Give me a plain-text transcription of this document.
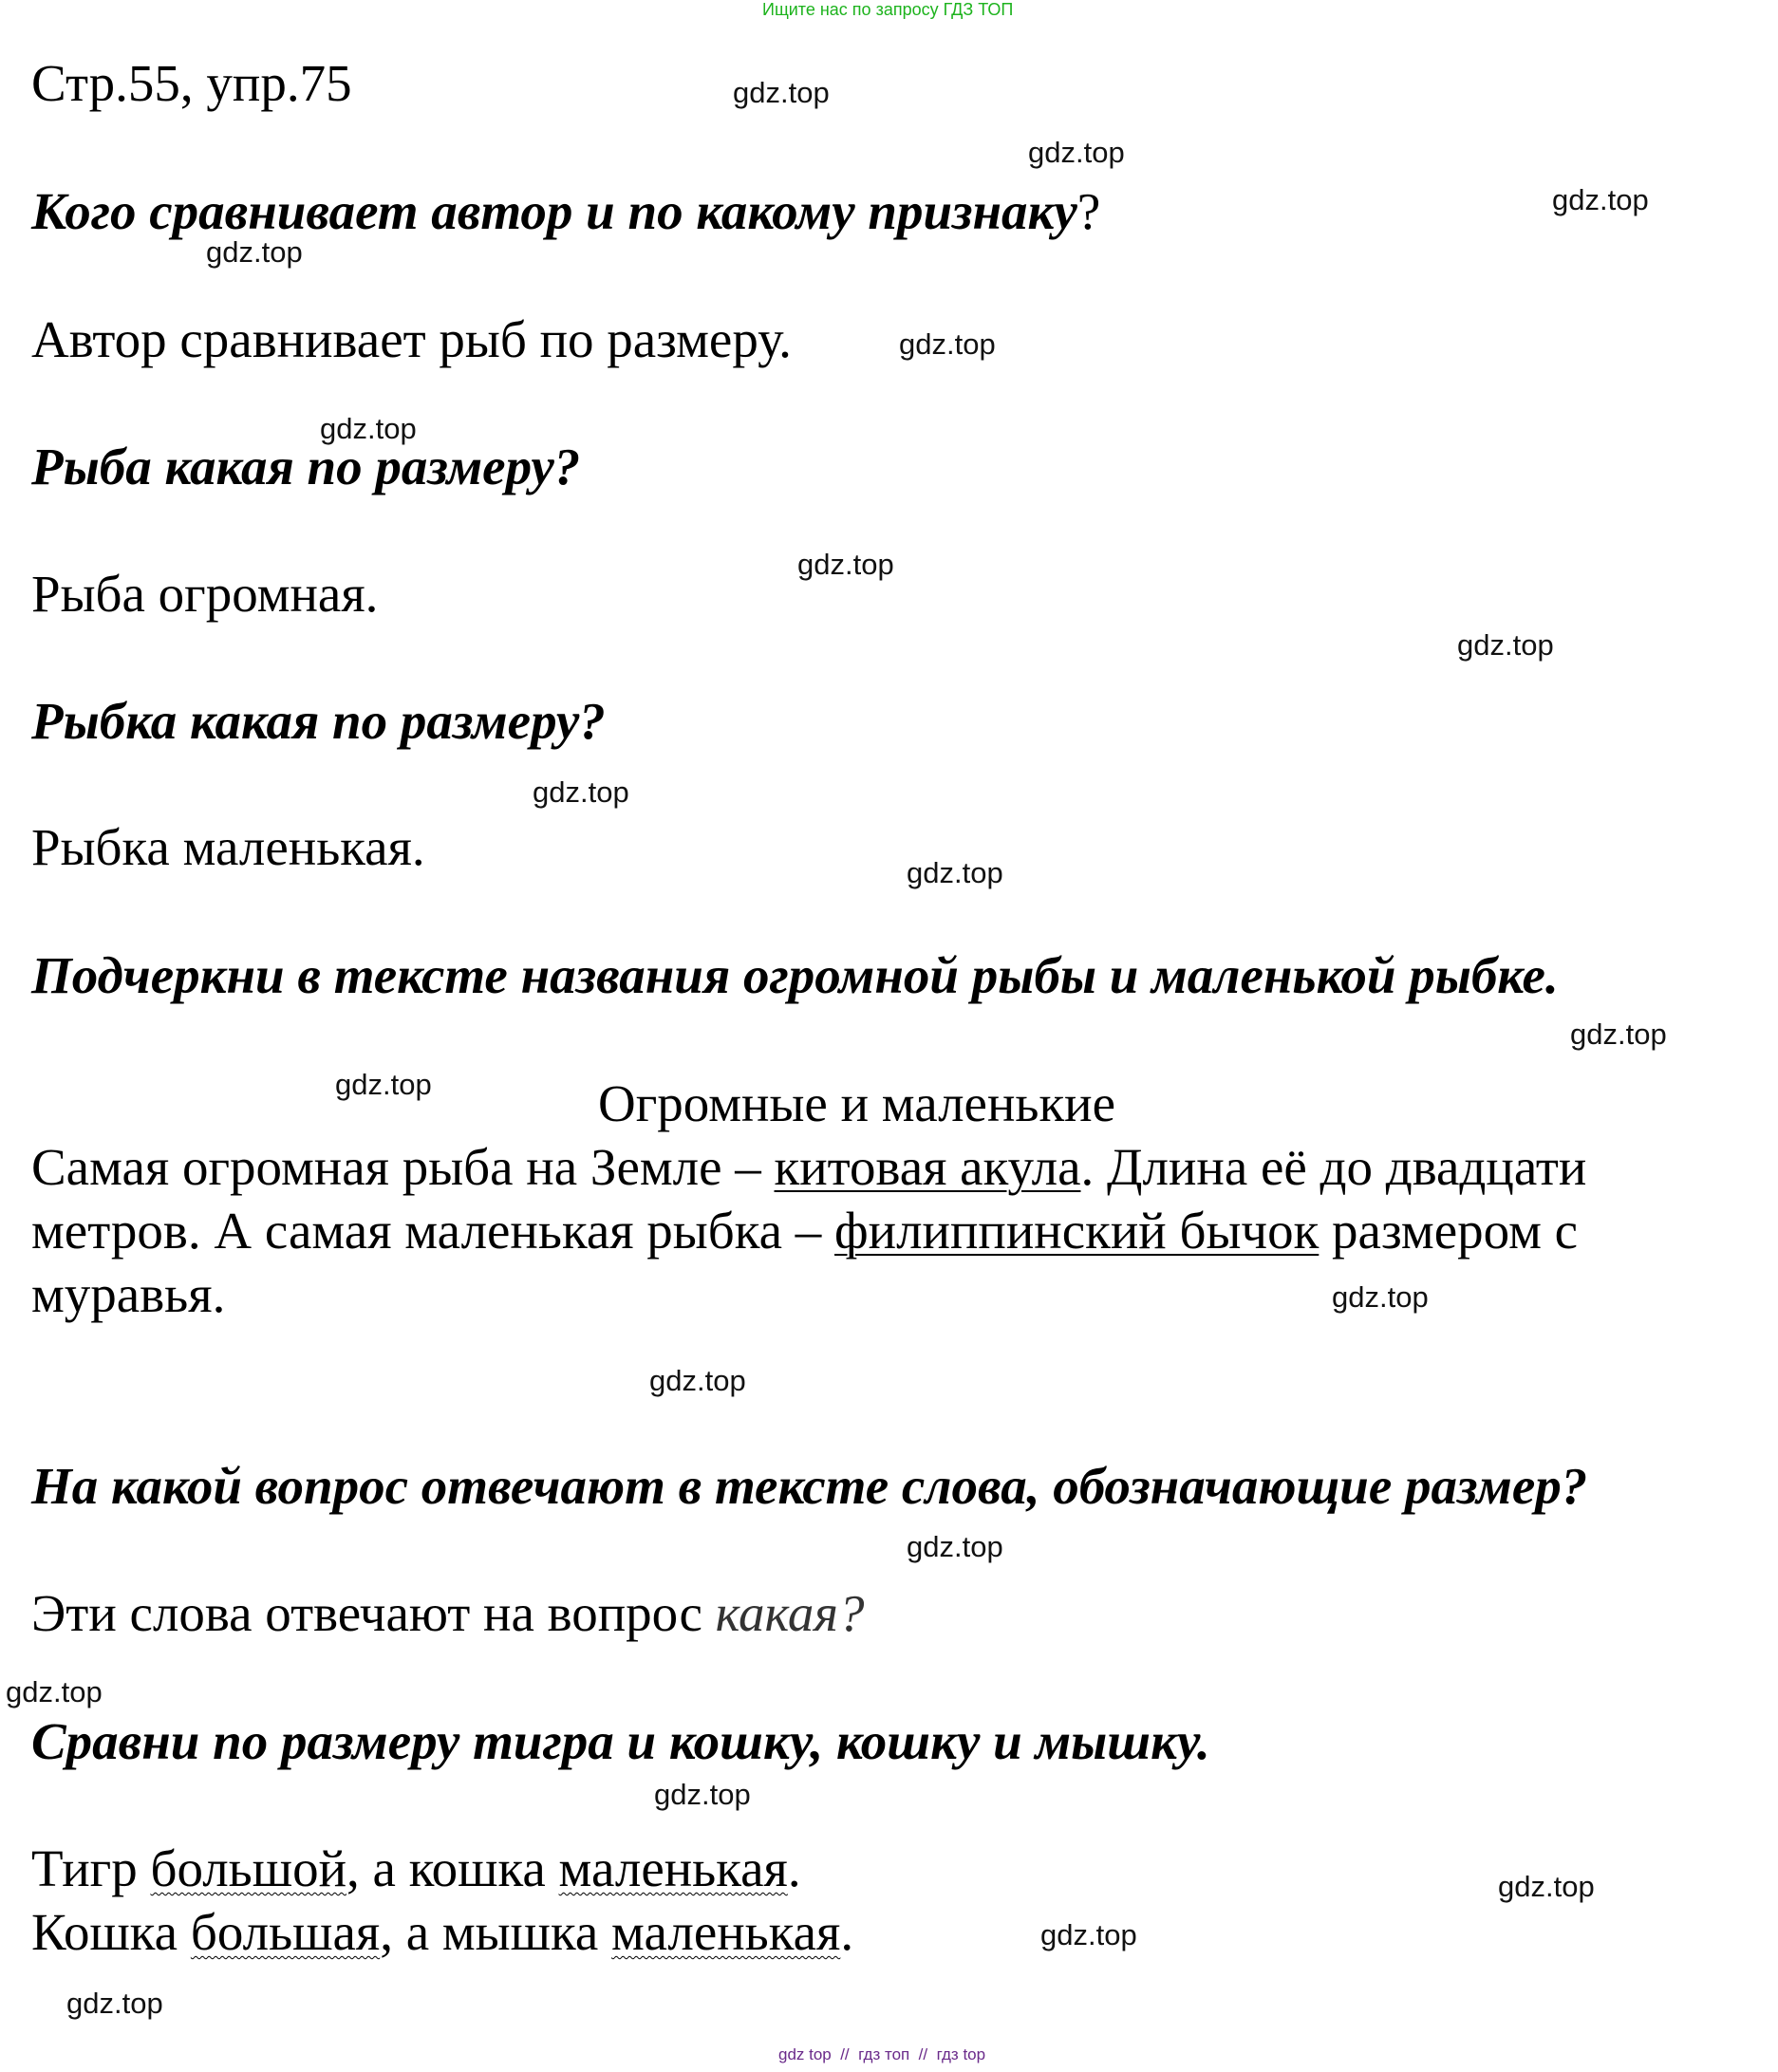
Ищите нас по запросу ГДЗ ТОП
Стр.55, упр.75
Кого сравнивает автор и по какому признаку?
Автор сравнивает рыб по размеру.
Рыба какая по размеру?
Рыба огромная.
Рыбка какая по размеру?
Рыбка маленькая.
Подчеркни в тексте названия огромной рыбы и маленькой рыбке.
Огромные и маленькие
Самая огромная рыба на Земле – китовая акула. Длина её до двадцати
метров. А самая маленькая рыбка – филиппинский бычок размером с
муравья.
На какой вопрос отвечают в тексте слова, обозначающие размер?
Эти слова отвечают на вопрос какая?
Сравни по размеру тигра и кошку, кошку и мышку.
Тигр большой, а кошка маленькая.
Кошка большая, а мышка маленькая.
gdz.top
gdz.top
gdz.top
gdz.top
gdz.top
gdz.top
gdz.top
gdz.top
gdz.top
gdz.top
gdz.top
gdz.top
gdz.top
gdz.top
gdz.top
gdz.top
gdz.top
gdz.top
gdz.top
gdz.top
gdz top  //  гдз топ  //  гдз top
